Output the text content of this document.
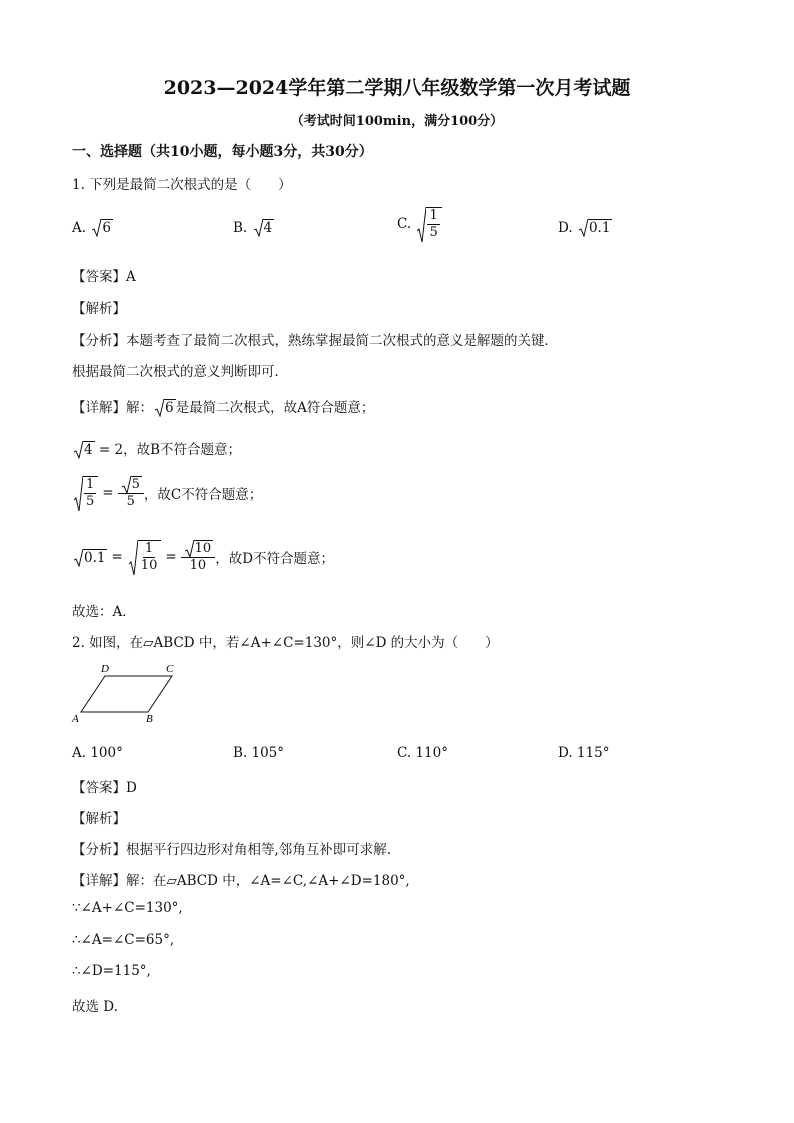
2023—2024学年第二学期八年级数学第一次月考试题
（考试时间100min，满分100分）
一、选择题（共10小题，每小题3分，共30分）
1. 下列是最简二次根式的是（　　）
A. 6	B. 4	C. $\frac{1}{5}$	D. 0.1
【答案】A
【解析】
【分析】本题考查了最简二次根式，熟练掌握最简二次根式的意义是解题的关键．
根据最简二次根式的意义判断即可．
【详解】解： 6 是最简二次根式，故A符合题意；
4 = 2，故B不符合题意；
$\frac{1}{5} = \frac{5}{5}$ ，故C不符合题意；
$0.1 = \frac{1}{10} = \frac{10}{10}$ ，故D不符合题意；
故选：A．
2. 如图，在▱ABCD 中，若∠A+∠C=130°，则∠D 的大小为（　　）
D	C
A	B
A. 100°	B. 105°	C. 110°	D. 115°
【答案】D
【解析】
【分析】根据平行四边形对角相等,邻角互补即可求解.
【详解】解：在▱ABCD 中，∠A=∠C,∠A+∠D=180°,
∵∠A+∠C=130°,
∴∠A=∠C=65°,
∴∠D=115°,
故选 D.
